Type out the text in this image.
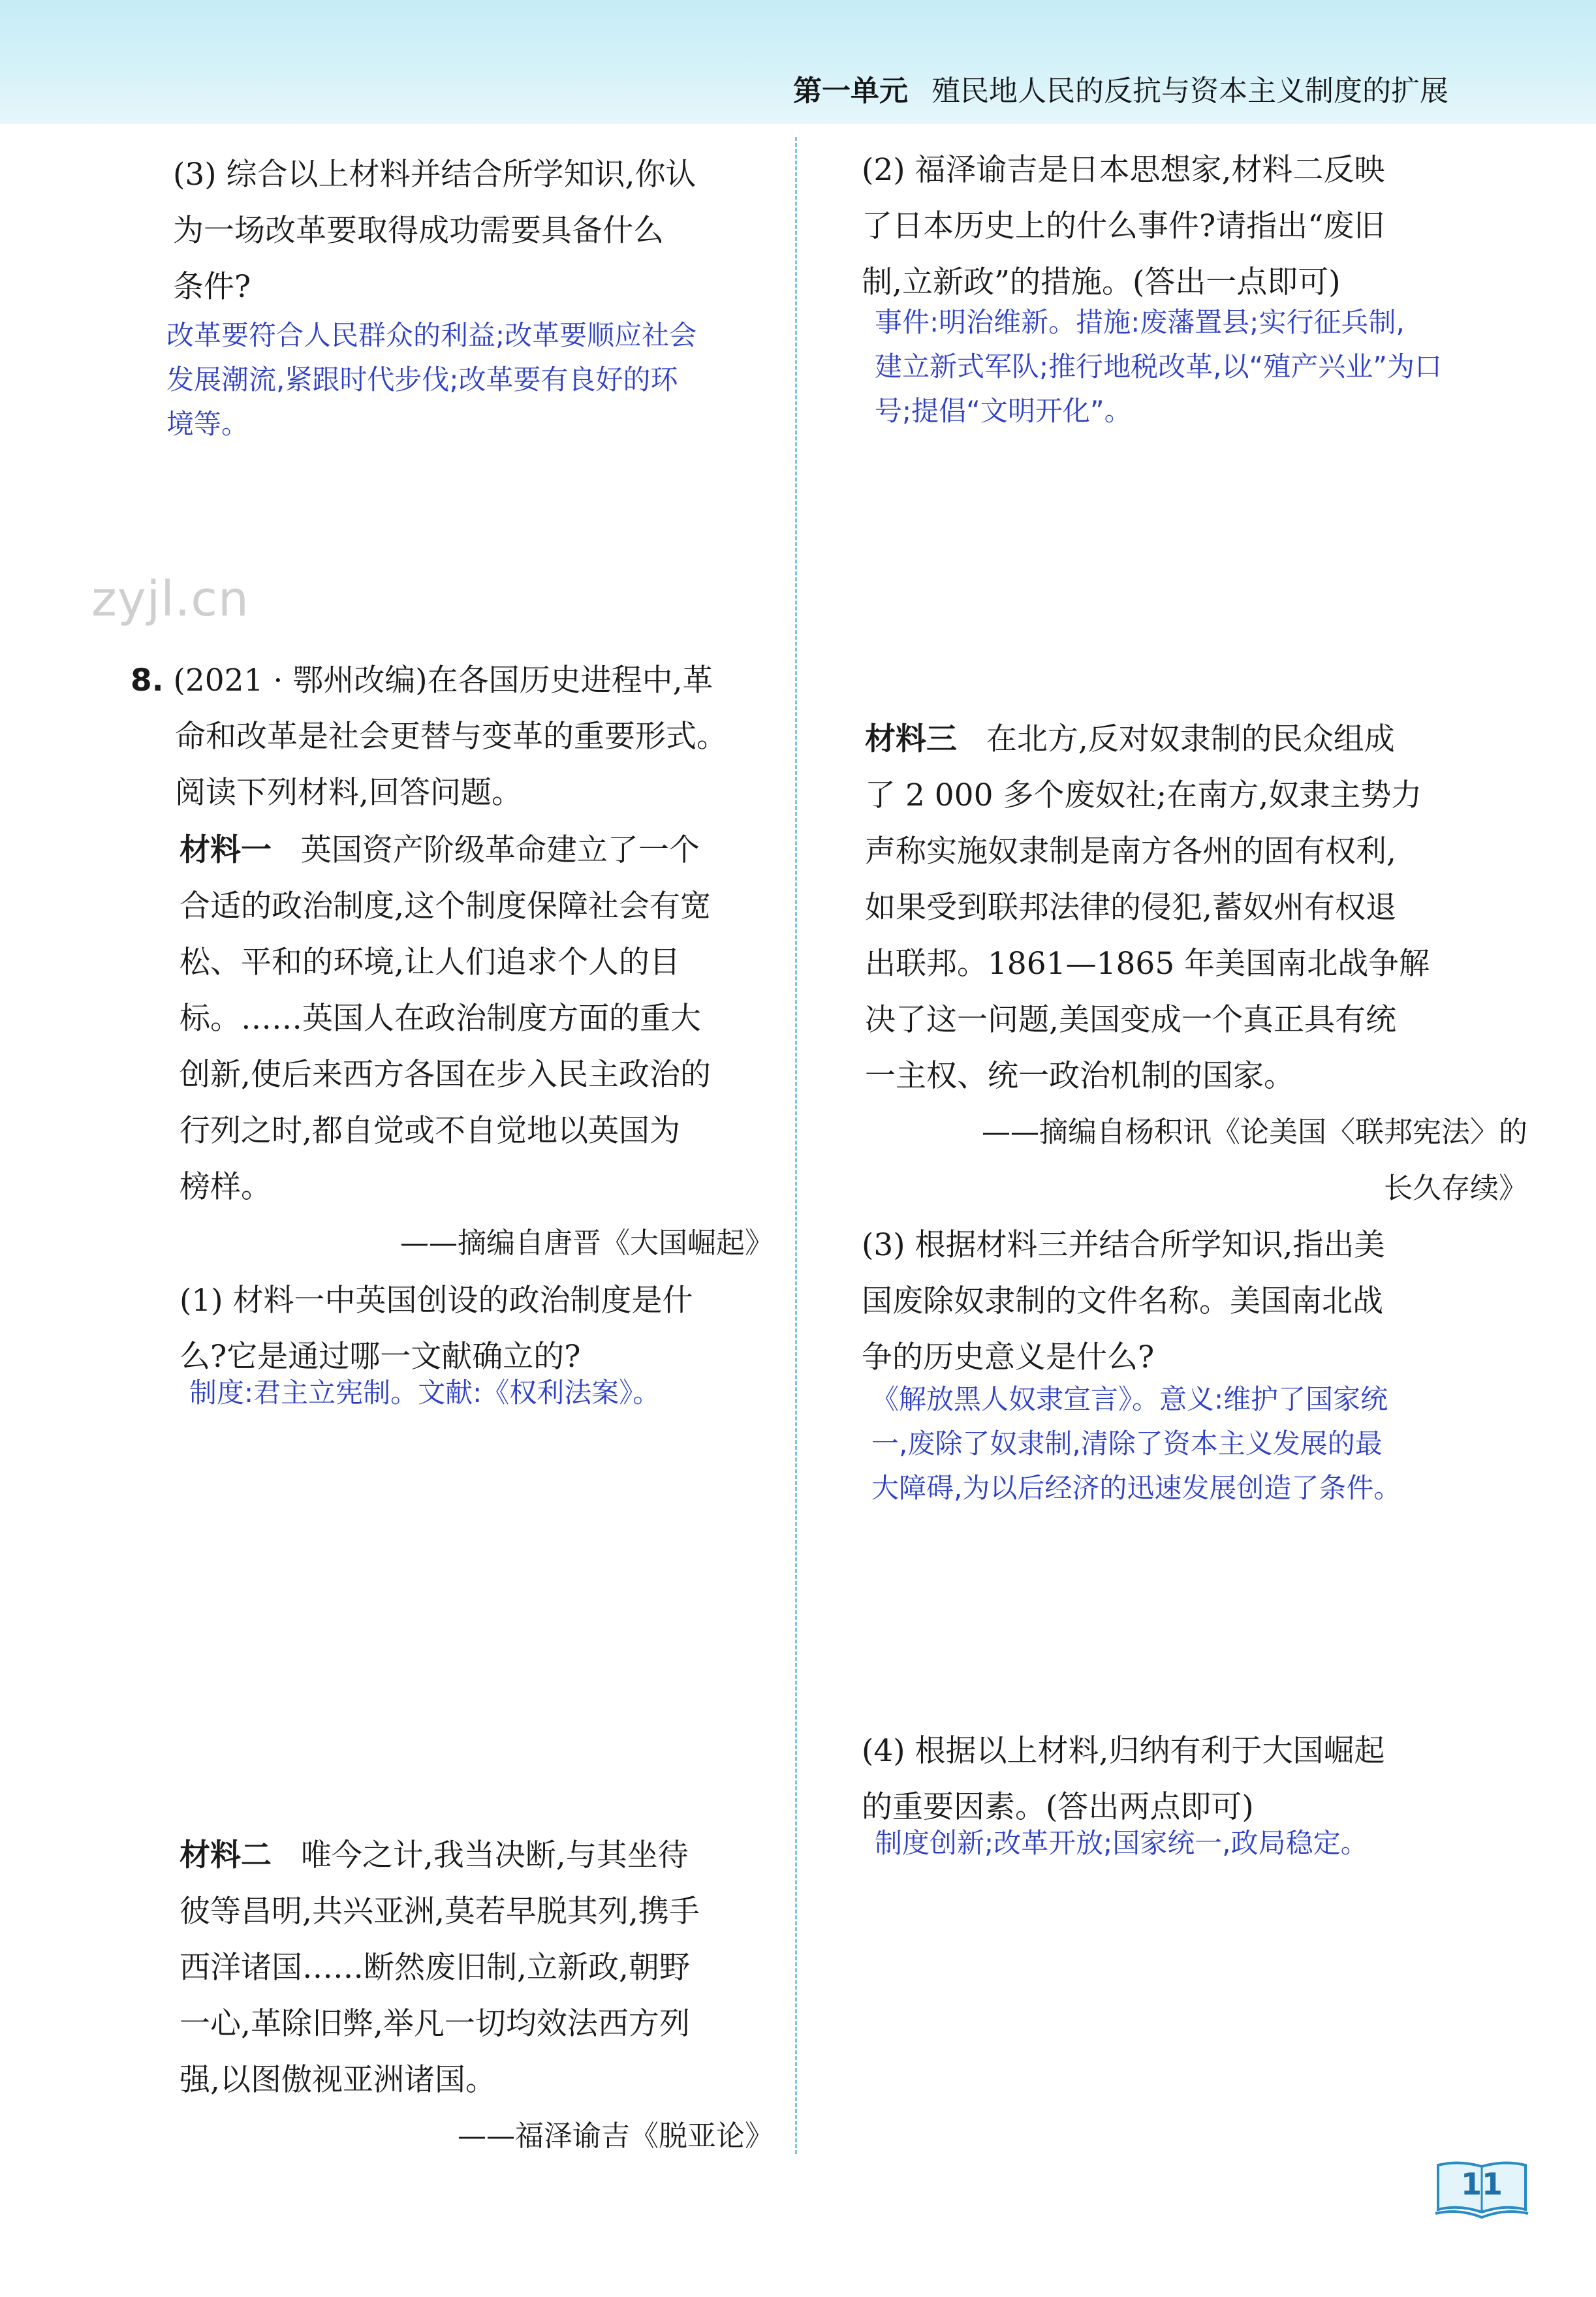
第一单元 殖民地人民的反抗与资本主义制度的扩展
zyjl.cn

(3) 综合以上材料并结合所学知识,你认

为一场改革要取得成功需要具备什么

条件?

改革要符合人民群众的利益;改革要顺应社会

发展潮流,紧跟时代步伐;改革要有良好的环

境等。

8. (2021 · 鄂州改编)在各国历史进程中,革

命和改革是社会更替与变革的重要形式。

阅读下列材料,回答问题。

材料一 英国资产阶级革命建立了一个

合适的政治制度,这个制度保障社会有宽

松、平和的环境,让人们追求个人的目

标。……英国人在政治制度方面的重大

创新,使后来西方各国在步入民主政治的

行列之时,都自觉或不自觉地以英国为

榜样。

——摘编自唐晋《大国崛起》

(1) 材料一中英国创设的政治制度是什

么?它是通过哪一文献确立的?

制度:君主立宪制。文献:《权利法案》。

材料二 唯今之计,我当决断,与其坐待

彼等昌明,共兴亚洲,莫若早脱其列,携手

西洋诸国……断然废旧制,立新政,朝野

一心,革除旧弊,举凡一切均效法西方列

强,以图傲视亚洲诸国。

——福泽谕吉《脱亚论》

(2) 福泽谕吉是日本思想家,材料二反映

了日本历史上的什么事件?请指出“废旧

制,立新政”的措施。(答出一点即可)

事件:明治维新。措施:废藩置县;实行征兵制,

建立新式军队;推行地税改革,以“殖产兴业”为口

号;提倡“文明开化”。

材料三 在北方,反对奴隶制的民众组成

了 2 000 多个废奴社;在南方,奴隶主势力

声称实施奴隶制是南方各州的固有权利,

如果受到联邦法律的侵犯,蓄奴州有权退

出联邦。1861—1865 年美国南北战争解

决了这一问题,美国变成一个真正具有统

一主权、统一政治机制的国家。

——摘编自杨积讯《论美国〈联邦宪法〉的

长久存续》

(3) 根据材料三并结合所学知识,指出美

国废除奴隶制的文件名称。美国南北战

争的历史意义是什么?

《解放黑人奴隶宣言》。意义:维护了国家统

一,废除了奴隶制,清除了资本主义发展的最

大障碍,为以后经济的迅速发展创造了条件。

(4) 根据以上材料,归纳有利于大国崛起

的重要因素。(答出两点即可)

制度创新;改革开放;国家统一,政局稳定。

11
